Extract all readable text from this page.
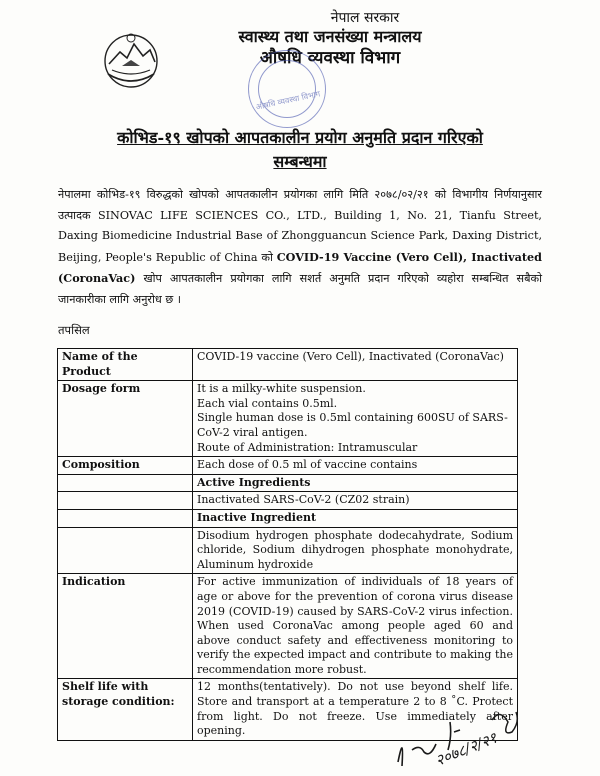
नेपाल सरकार
स्वास्थ्य तथा जनसंख्या मन्त्रालय
औषधि व्यवस्था विभाग
औषधि व्यवस्था विभाग
कोभिड-१९ खोपको आपतकालीन प्रयोग अनुमति प्रदान गरिएको
सम्बन्धमा
नेपालमा कोभिड-१९ विरुद्धको खोपको आपतकालीन प्रयोगका लागि मिति २०७८/०२/२१ को विभागीय निर्णयानुसार उत्पादक SINOVAC LIFE SCIENCES CO., LTD., Building 1, No. 21, Tianfu Street, Daxing Biomedicine Industrial Base of Zhongguancun Science Park, Daxing District, Beijing, People's Republic of China को COVID-19 Vaccine (Vero Cell), Inactivated (CoronaVac) खोप आपतकालीन प्रयोगका लागि सशर्त अनुमति प्रदान गरिएको व्यहोरा सम्बन्धित सबैको जानकारीका लागि अनुरोध छ ।
तपसिल
Name of the Product	COVID-19 vaccine (Vero Cell), Inactivated (CoronaVac)
Dosage form	It is a milky-white suspension.
Each vial contains 0.5ml.
Single human dose is 0.5ml containing 600SU of SARS-CoV-2 viral antigen.
Route of Administration: Intramuscular

Composition	Each dose of 0.5 ml of vaccine contains
	Active Ingredients
	Inactivated SARS-CoV-2 (CZ02 strain)
	Inactive Ingredient
	Disodium hydrogen phosphate dodecahydrate, Sodium chloride, Sodium dihydrogen phosphate monohydrate, Aluminum hydroxide
Indication	For active immunization of individuals of 18 years of age or above for the prevention of corona virus disease 2019 (COVID-19) caused by SARS-CoV-2 virus infection. When used CoronaVac among people aged 60 and above conduct safety and effectiveness monitoring to verify the expected impact and contribute to making the recommendation more robust.
Shelf life with storage condition:	12 months(tentatively). Do not use beyond shelf life. Store and transport at a temperature 2 to 8 ˚C. Protect from light. Do not freeze. Use immediately after opening.	२०७८/२/२१
